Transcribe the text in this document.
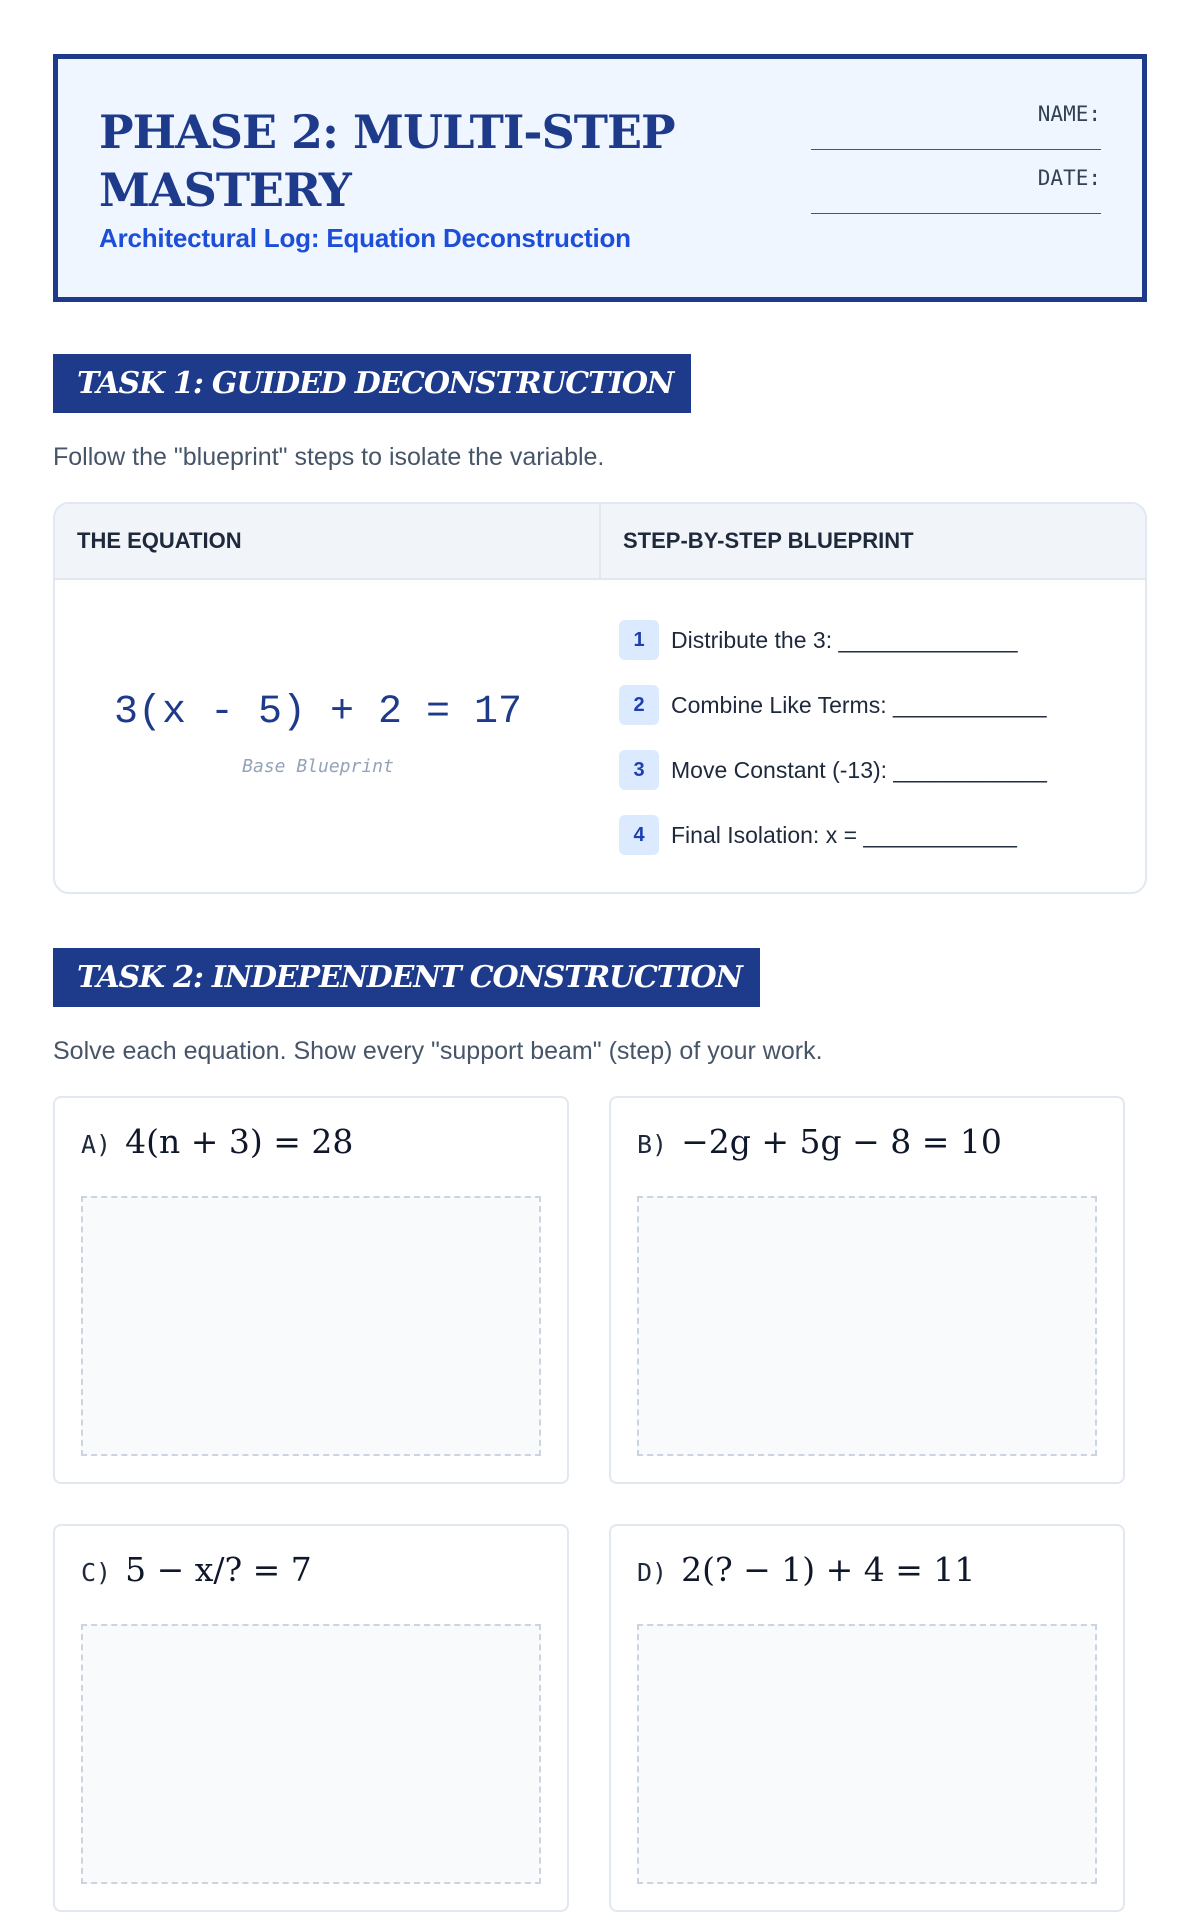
PHASE 2: MULTI-STEP MASTERY
Architectural Log: Equation Deconstruction
NAME:
DATE:
TASK 1: GUIDED DECONSTRUCTION

Follow the "blueprint" steps to isolate the variable.

THE EQUATION	STEP-BY-STEP BLUEPRINT
3(x - 5) + 2 = 17
Base Blueprint
1	Distribute the 3: ______________
2	Combine Like Terms: ____________
3	Move Constant (-13): ____________
4	Final Isolation: x = ____________
TASK 2: INDEPENDENT CONSTRUCTION

Solve each equation. Show every "support beam" (step) of your work.

A) 4(n + 3) = 28	B) −2g + 5g − 8 = 10
C) 5 − x/? = 7	D) 2(? − 1) + 4 = 11
